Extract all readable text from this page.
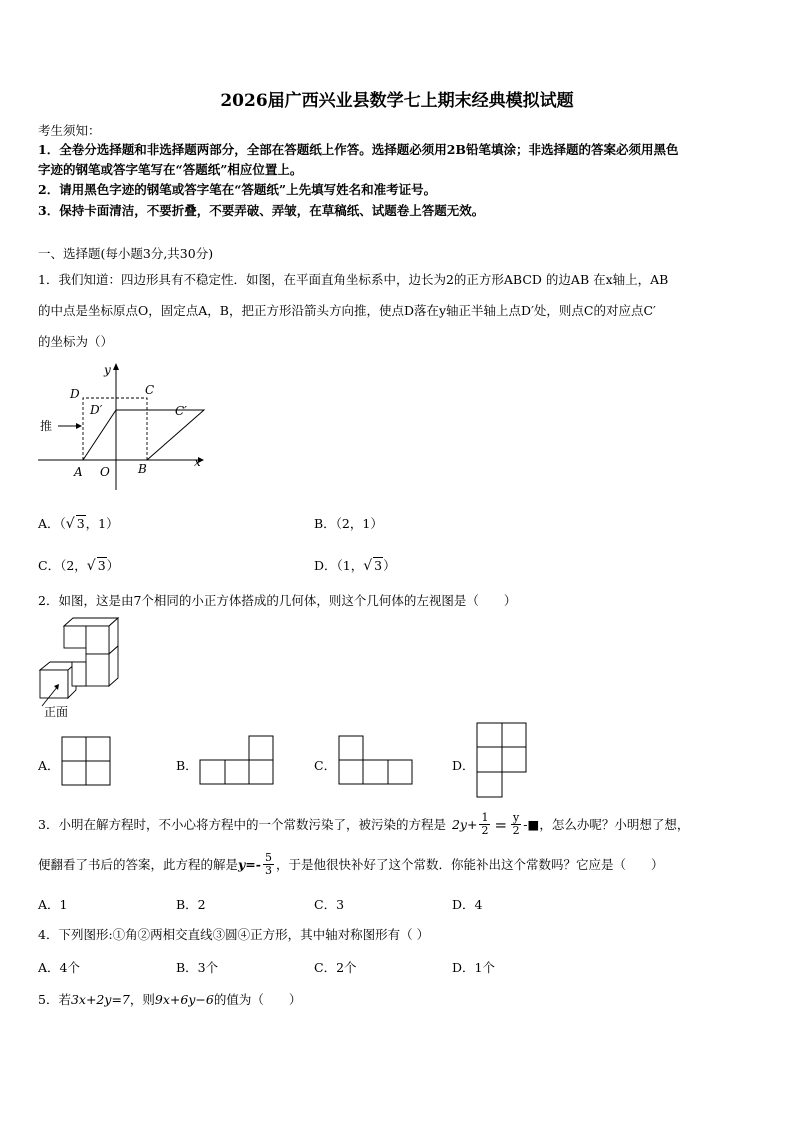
2026届广西兴业县数学七上期末经典模拟试题
考生须知：
1．全卷分选择题和非选择题两部分，全部在答题纸上作答。选择题必须用2B铅笔填涂；非选择题的答案必须用黑色
字迹的钢笔或答字笔写在“答题纸”相应位置上。
2．请用黑色字迹的钢笔或答字笔在“答题纸”上先填写姓名和准考证号。
3．保持卡面清洁，不要折叠，不要弄破、弄皱，在草稿纸、试题卷上答题无效。
一、选择题(每小题3分,共30分)
1．我们知道：四边形具有不稳定性．如图，在平面直角坐标系中，边长为2的正方形ABCD 的边AB 在x轴上，AB
的中点是坐标原点O，固定点A，B，把正方形沿箭头方向推，使点D落在y轴正半轴上点D′处，则点C的对应点C′
的坐标为（）
推
y
x
D	C
D′	C′
A O B
A．（√ 3，1）	B．（2，1）
C．（2，√ 3）	D．（1，√ 3）
2．如图，这是由7个相同的小正方体搭成的几何体，则这个几何体的左视图是（　　）
正面
A．	B．	C．	D．
3．小明在解方程时，不小心将方程中的一个常数污染了，被污染的方程是 $2y+ \frac{1}{2} = \frac{y}{2}$ -■ ，怎么办呢？小明想了想，
便翻看了书后的答案，此方程的解是 $y=- \frac{5}{3}$ ，于是他很快补好了这个常数．你能补出这个常数吗？它应是（　　）
A．1	B．2	C．3	D．4
4．下列图形:①角②两相交直线③圆④正方形，其中轴对称图形有（ ）
A．4个	B．3个	C．2个	D．1个
5．若3x+2y=7，则9x+6y−6的值为（　　）
